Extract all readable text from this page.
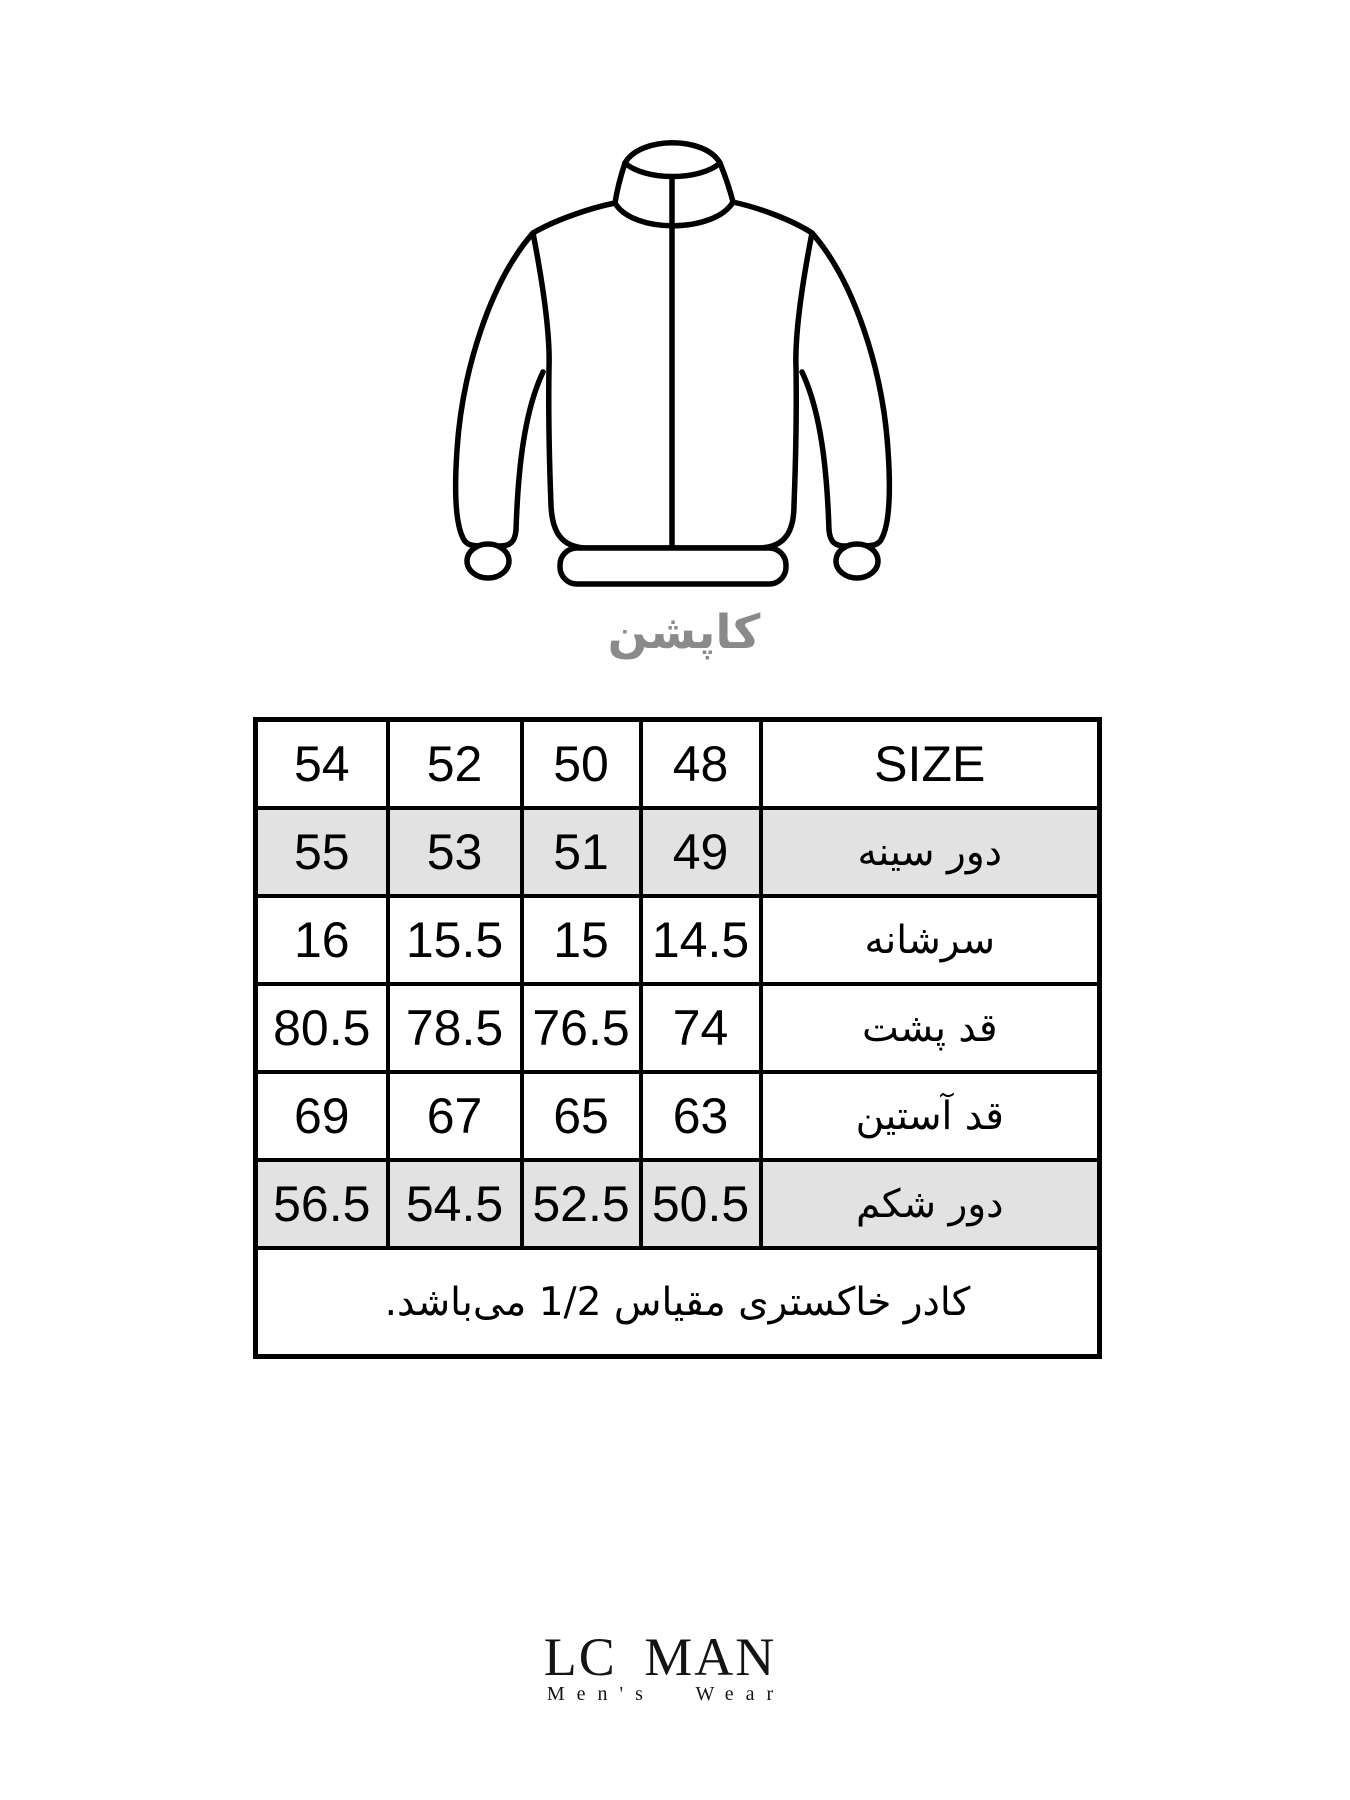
کاپشن
SIZE	48	50	52	54
دور سینه	49	51	53	55
سرشانه	14.5	15	15.5	16
قد پشت	74	76.5	78.5	80.5
قد آستین	63	65	67	69
دور شکم	50.5	52.5	54.5	56.5
کادر خاکستری مقیاس 1/2 می‌باشد.				
LC MAN
Men's Wear
